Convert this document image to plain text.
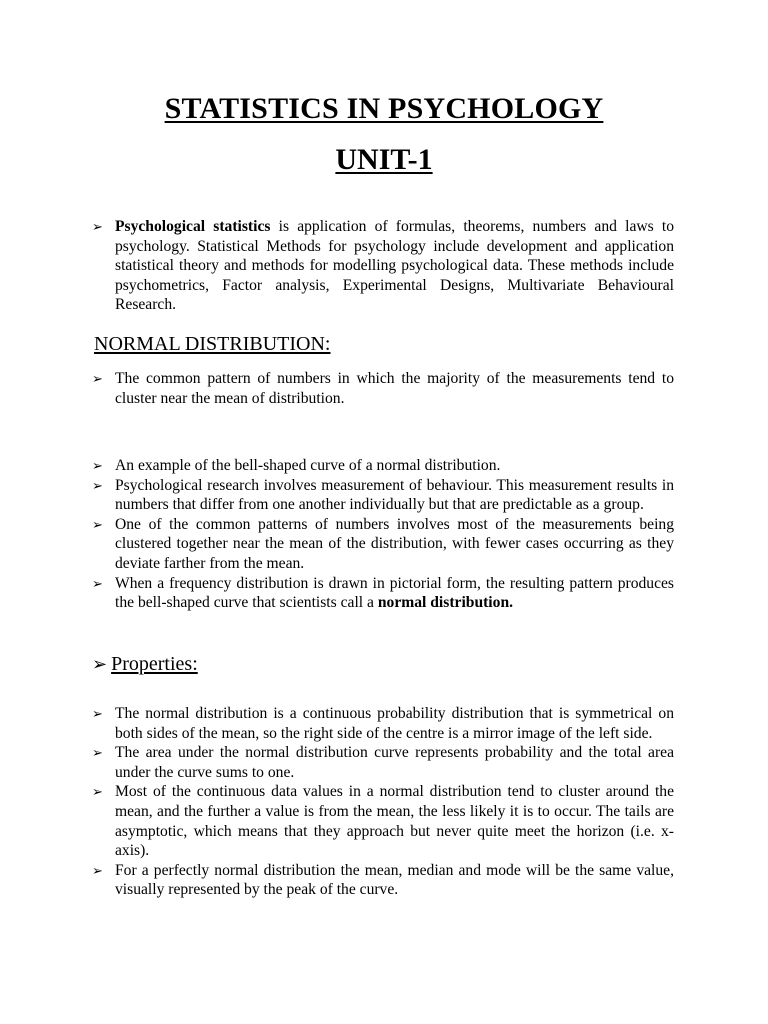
STATISTICS IN PSYCHOLOGY
UNIT-1
➢ Psychological statistics is application of formulas, theorems, numbers and laws to psychology. Statistical Methods for psychology include development and application statistical theory and methods for modelling psychological data. These methods include psychometrics, Factor analysis, Experimental Designs, Multivariate Behavioural Research.
NORMAL DISTRIBUTION:
➢ The common pattern of numbers in which the majority of the measurements tend to cluster near the mean of distribution.
➢ An example of the bell-shaped curve of a normal distribution.
➢ Psychological research involves measurement of behaviour. This measurement results in numbers that differ from one another individually but that are predictable as a group.
➢ One of the common patterns of numbers involves most of the measurements being clustered together near the mean of the distribution, with fewer cases occurring as they deviate farther from the mean.
➢ When a frequency distribution is drawn in pictorial form, the resulting pattern produces the bell-shaped curve that scientists call a normal distribution.
➢ Properties:
➢ The normal distribution is a continuous probability distribution that is symmetrical on both sides of the mean, so the right side of the centre is a mirror image of the left side.
➢ The area under the normal distribution curve represents probability and the total area under the curve sums to one.
➢ Most of the continuous data values in a normal distribution tend to cluster around the mean, and the further a value is from the mean, the less likely it is to occur. The tails are asymptotic, which means that they approach but never quite meet the horizon (i.e. x-axis).
➢ For a perfectly normal distribution the mean, median and mode will be the same value, visually represented by the peak of the curve.
